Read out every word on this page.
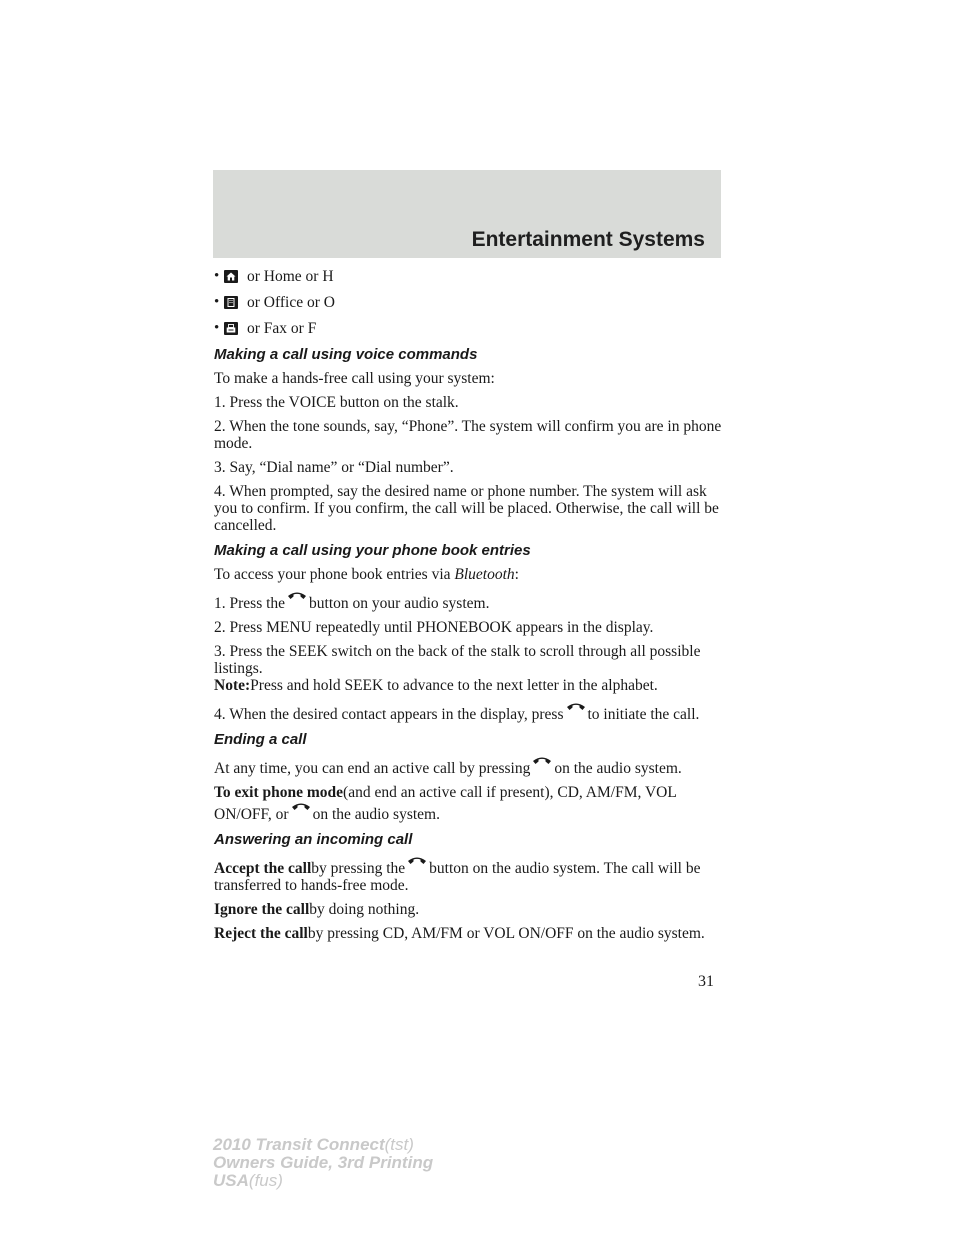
Entertainment Systems
•	or Home or H
•	or Office or O
•	or Fax or F
Making a call using voice commands

To make a hands-free call using your system:

1. Press the VOICE button on the stalk.

2. When the tone sounds, say, “Phone”. The system will confirm you are in phone mode.

3. Say, “Dial name” or “Dial number”.

4. When prompted, say the desired name or phone number. The system will ask you to confirm. If you confirm, the call will be placed. Otherwise, the call will be cancelled.

Making a call using your phone book entries

To access your phone book entries via Bluetooth:

1. Press the button on your audio system.

2. Press MENU repeatedly until PHONEBOOK appears in the display.

3. Press the SEEK switch on the back of the stalk to scroll through all possible listings.

Note:Press and hold SEEK to advance to the next letter in the alphabet.

4. When the desired contact appears in the display, press to initiate the call.

Ending a call

At any time, you can end an active call by pressing on the audio system.

To exit phone mode(and end an active call if present), CD, AM/FM, VOL ON/OFF, or on the audio system.

Answering an incoming call

Accept the callby pressing the button on the audio system. The call will be transferred to hands-free mode.

Ignore the callby doing nothing.

Reject the callby pressing CD, AM/FM or VOL ON/OFF on the audio system.

31
2010 Transit Connect(tst)
Owners Guide, 3rd Printing
USA(fus)
